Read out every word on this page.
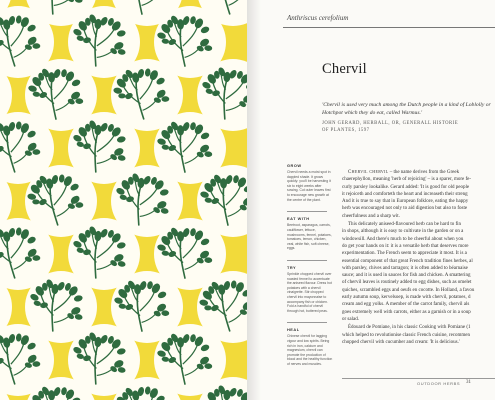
Anthriscus cerefolium
Chervil
'Chervil is used very much among the Dutch people in a kind of Loblolly or Hotchpot which they do eat, called Warmus.'
JOHN GERARD, HERBALL, OR, GENERALL HISTORIE
OF PLANTES, 1597
GROW
Chervil needs a moist spot in dappled shade. It grows quickly: you'll be harvesting it six to eight weeks after sowing. Cut outer leaves first to encourage new growth at the centre of the plant.
EAT WITH
Beetroot, asparagus, carrots, cauliflower, lettuce, mushrooms, fennel, potatoes, tomatoes, lemon, chicken, veal, white fish, soft cheese, eggs.
TRY
Sprinkle chopped chervil over roasted fennel to accentuate the aniseed flavour. Dress hot potatoes with a chervil vinaigrette. Stir chopped chervil into mayonnaise to accompany fish or chicken. Fold a handful of chervil through hot, buttered peas.
HEAL
Chinese chervil for lagging vigour and low spirits. Being rich in iron, calcium and magnesium, chervil can promote the production of blood and the healthy function of nerves and muscles.
Chervil chervil – the name derives from the Greek
chaerephyllon, meaning 'herb of rejoicing' – is a sparer, more fe-
curly parsley lookalike. Gerard added: 'It is good for old people
it rejoiceth and comforteth the heart and increaseth their streng
And it is true to say that in European folklore, eating the happy
herb was encouraged not only to aid digestion but also to foste
cheerfulness and a sharp wit.
This delicately aniseed-flavoured herb can be hard to fin
in shops, although it is easy to cultivate in the garden or on a
windowsill. And there's much to be cheerful about when you
do get your hands on it: it is a versatile herb that deserves more
experimentation. The French seem to appreciate it most. It is a
essential component of that great French tradition fines herbes, al
with parsley, chives and tarragon; it is often added to béarnaise
sauce; and it is used in sauces for fish and chicken. A smattering
of chervil leaves is routinely added to egg dishes, such as omelet
quiches, scrambled eggs and oeufs en cocotte. In Holland, a favou
early autumn soup, kervelsoep, is made with chervil, potatoes, d
cream and egg yolks. A member of the carrot family, chervil als
goes extremely well with carrots, either as a garnish or in a soup
or salad.
Édouard de Pomiane, in his classic Cooking with Pomiane (1
which helped to revolutionise classic French cuisine, recommen
chopped chervil with cucumber and cream: 'It is delicious.'
OUTDOOR HERBS 31
